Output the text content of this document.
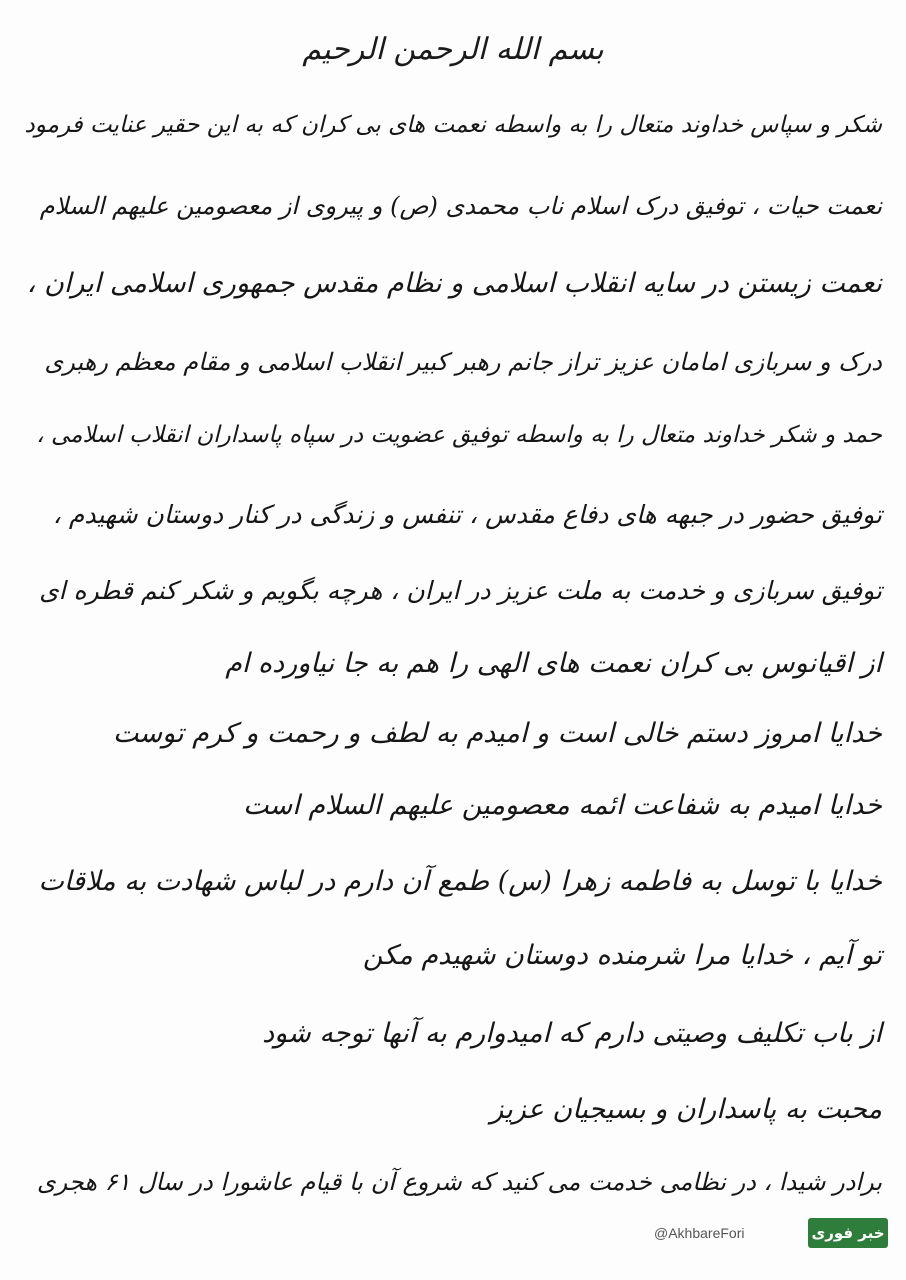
بسم الله الرحمن الرحیم
شکر و سپاس خداوند متعال را به واسطه نعمت های بی کران که به این حقیر عنایت فرمود
نعمت حیات ، توفیق درک اسلام ناب محمدی (ص) و پیروی از معصومین علیهم السلام
نعمت زیستن در سایه انقلاب اسلامی و نظام مقدس جمهوری اسلامی ایران ،
درک و سربازی امامان عزیز تراز جانم رهبر کبیر انقلاب اسلامی و مقام معظم رهبری
حمد و شکر خداوند متعال را به واسطه توفیق عضویت در سپاه پاسداران انقلاب اسلامی ،
توفیق حضور در جبهه های دفاع مقدس ، تنفس و زندگی در کنار دوستان شهیدم ،
توفیق سربازی و خدمت به ملت عزیز در ایران ، هرچه بگویم و شکر کنم قطره ای
از اقیانوس بی کران نعمت های الهی را هم به جا نیاورده ام
خدایا امروز دستم خالی است و امیدم به لطف و رحمت و کرم توست
خدایا امیدم به شفاعت ائمه معصومین علیهم السلام است
خدایا با توسل به فاطمه زهرا (س) طمع آن دارم در لباس شهادت به ملاقات
تو آیم ، خدایا مرا شرمنده دوستان شهیدم مکن
از باب تکلیف وصیتی دارم که امیدوارم به آنها توجه شود
محبت به پاسداران و بسیجیان عزیز
برادر شیدا ، در نظامی خدمت می کنید که شروع آن با قیام عاشورا در سال ۶۱ هجری
@AkhbareFori	خبر فوری
